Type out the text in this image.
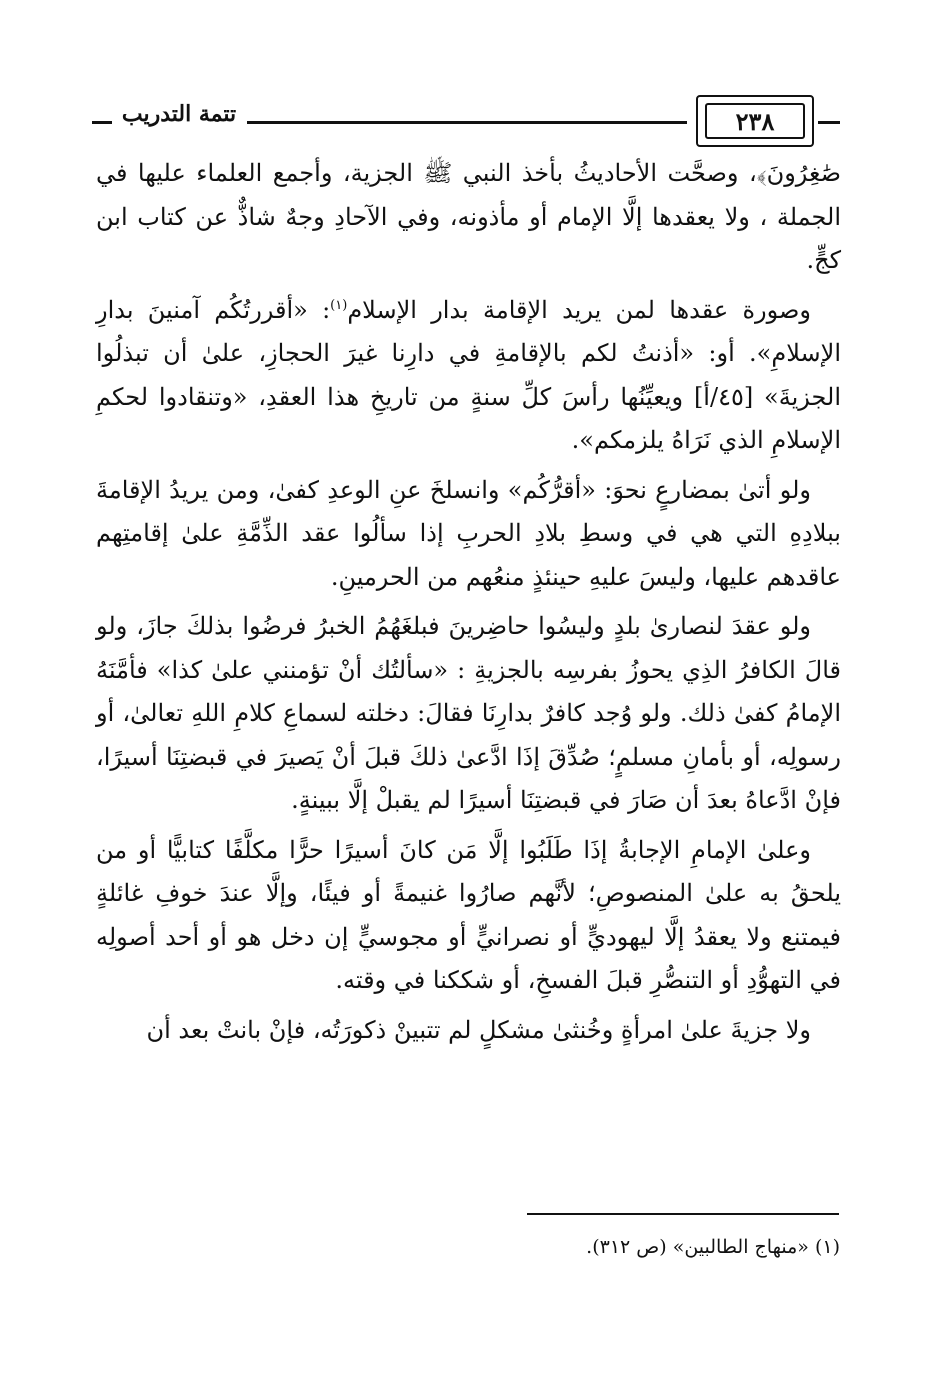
تتمة التدريب	٢٣٨

صَٰغِرُونَ﴾، وصحَّت الأحاديثُ بأخذ النبي ﷺ الجزية، وأجمع العلماء عليها في الجملة ، ولا يعقدها إلَّا الإمام أو مأذونه، وفي الآحادِ وجهٌ شاذٌّ عن كتاب ابن كجٍّ.

وصورة عقدها لمن يريد الإقامة بدار الإسلام$^{(١)}$: «أقررتُكُم آمنينَ بدارِ الإسلامِ». أو: «أذنتُ لكم بالإقامةِ في دارِنا غيرَ الحجازِ، علىٰ أن تبذلُوا الجزيةَ» [٤٥/أ] ويعيِّنُها رأسَ كلِّ سنةٍ من تاريخِ هذا العقدِ، «وتنقادوا لحكمِ الإسلامِ الذي نَرَاهُ يلزمكم».

ولو أتىٰ بمضارعٍ نحوَ: «أقرُّكُم» وانسلخَ عنِ الوعدِ كفىٰ، ومن يريدُ الإقامةَ ببلادِهِ التي هي في وسطِ بلادِ الحربِ إذا سألُوا عقد الذِّمَّةِ علىٰ إقامتِهم عاقدهم عليها، وليسَ عليهِ حينئذٍ منعُهم من الحرمينِ.

ولو عقدَ لنصارىٰ بلدٍ وليسُوا حاضِرينَ فبلغَهُمُ الخبرُ فرضُوا بذلكَ جازَ، ولو قالَ الكافرُ الذِي يحوزُ بفرسِه بالجزيةِ : «سألتُك أنْ تؤمنني علىٰ كذا» فأمَّنَهُ الإمامُ كفىٰ ذلك. ولو وُجد كافرٌ بدارِنَا فقالَ: دخلته لسماعِ كلامِ اللهِ تعالىٰ، أو رسولِه، أو بأمانِ مسلمٍ؛ صُدِّقَ إذَا ادَّعىٰ ذلكَ قبلَ أنْ يَصيرَ في قبضتِنَا أسيرًا، فإنْ ادَّعاهُ بعدَ أن صَارَ في قبضتِنَا أسيرًا لم يقبلْ إلَّا ببينةٍ.

وعلىٰ الإمامِ الإجابةُ إذَا طَلَبُوا إلَّا مَن كانَ أسيرًا حرًّا مكلَّفًا كتابيًّا أو من يلحقُ به علىٰ المنصوصِ؛ لأنَّهم صارُوا غنيمةً أو فيئًا، وإلَّا عندَ خوفِ غائلةٍ فيمتنع ولا يعقدُ إلَّا ليهوديٍّ أو نصرانيٍّ أو مجوسيٍّ إن دخل هو أو أحد أصولِه في التهوُّدِ أو التنصُّرِ قبلَ الفسخِ، أو شككنا في وقته.

ولا جزيةَ علىٰ امرأةٍ وخُنثىٰ مشكلٍ لم تتبينْ ذكورَتُه، فإنْ بانتْ بعد أن

(١) «منهاج الطالبين» (ص ٣١٢).
